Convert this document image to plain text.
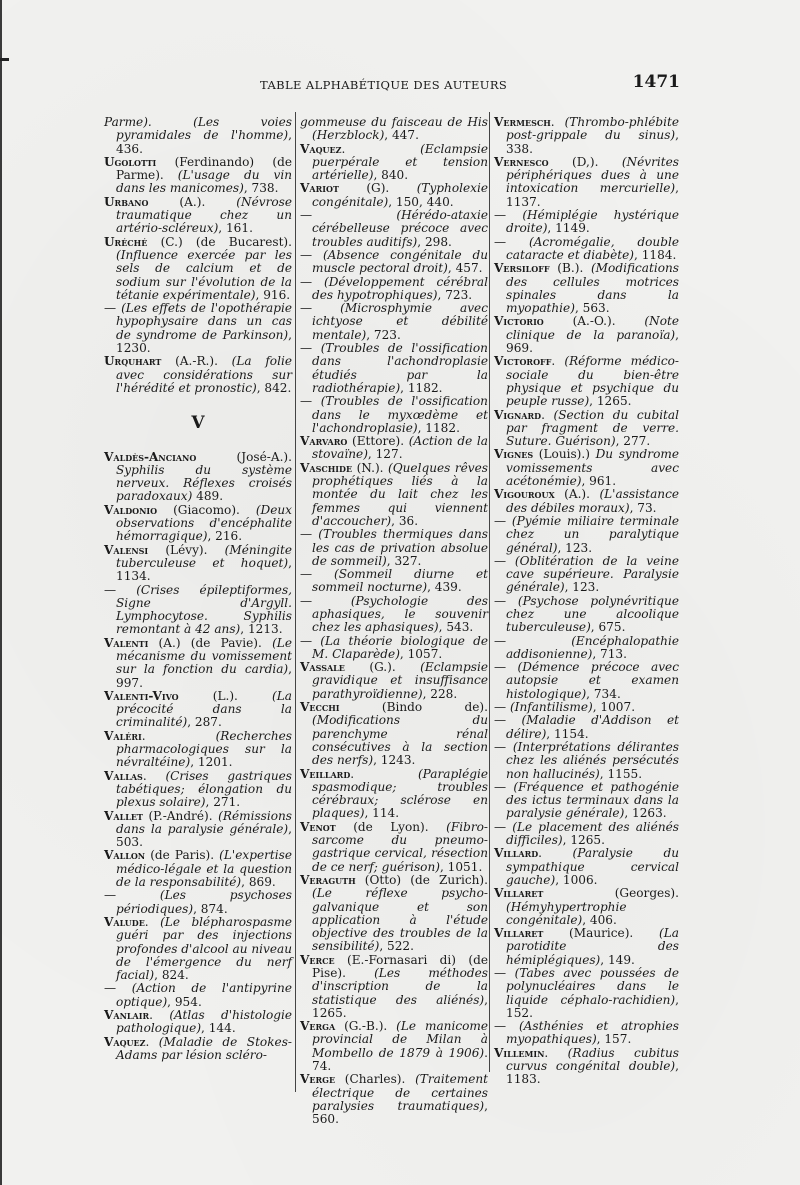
TABLE ALPHABÉTIQUE DES AUTEURS	1471

Parme). (Les voies pyramidales de l'homme), 436.

Ugolotti (Ferdinando) (de Parme). (L'usage du vin dans les manicomes), 738.

Urbano (A.). (Névrose traumatique chez un artério-scléreux), 161.

Uréché (C.) (de Bucarest). (Influence exercée par les sels de calcium et de sodium sur l'évolution de la tétanie expérimentale), 916.

— (Les effets de l'opothérapie hypophysaire dans un cas de syndrome de Parkinson), 1230.

Urquhart (A.-R.). (La folie avec considérations sur l'hérédité et pronostic), 842.

V

Valdès-Anciano (José-A.). Syphilis du système nerveux. Réflexes croisés paradoxaux) 489.

Valdonio (Giacomo). (Deux observations d'encéphalite hémorragique), 216.

Valensi (Lévy). (Méningite tuberculeuse et hoquet), 1134.

— (Crises épileptiformes, Signe d'Argyll. Lymphocytose. Syphilis remontant à 42 ans), 1213.

Valenti (A.) (de Pavie). (Le mécanisme du vomissement sur la fonction du cardia), 997.

Valenti-Vivo (L.). (La précocité dans la criminalité), 287.

Valéri. (Recherches pharmacologiques sur la névraltéine), 1201.

Vallas. (Crises gastriques tabétiques; élongation du plexus solaire), 271.

Vallet (P.-André). (Rémissions dans la paralysie générale), 503.

Vallon (de Paris). (L'expertise médico-légale et la question de la responsabilité), 869.

— (Les psychoses périodiques), 874.

Valude. (Le blépharospasme guéri par des injections profondes d'alcool au niveau de l'émergence du nerf facial), 824.

— (Action de l'antipyrine optique), 954.

Vanlair. (Atlas d'histologie pathologique), 144.

Vaquez. (Maladie de Stokes-Adams par lésion scléro-

gommeuse du faisceau de His (Herzblock), 447.

Vaquez. (Eclampsie puerpérale et tension artérielle), 840.

Variot (G). (Typholexie congénitale), 150, 440.

— (Hérédo-ataxie cérébelleuse précoce avec troubles auditifs), 298.

— (Absence congénitale du muscle pectoral droit), 457.

— (Développement cérébral des hypotrophiques), 723.

— (Microsphymie avec ichtyose et débilité mentale), 723.

— (Troubles de l'ossification dans l'achondroplasie étudiés par la radiothérapie), 1182.

— (Troubles de l'ossification dans le myxœdème et l'achondroplasie), 1182.

Varvaro (Ettore). (Action de la stovaïne), 127.

Vaschide (N.). (Quelques rêves prophétiques liés à la montée du lait chez les femmes qui viennent d'accoucher), 36.

— (Troubles thermiques dans les cas de privation absolue de sommeil), 327.

— (Sommeil diurne et sommeil nocturne), 439.

— (Psychologie des aphasiques, le souvenir chez les aphasiques), 543.

— (La théorie biologique de M. Claparède), 1057.

Vassale (G.). (Eclampsie gravidique et insuffisance parathyroïdienne), 228.

Vecchi (Bindo de). (Modifications du parenchyme rénal consécutives à la section des nerfs), 1243.

Veillard. (Paraplégie spasmodique; troubles cérébraux; sclérose en plaques), 114.

Venot (de Lyon). (Fibro-sarcome du pneumo-gastrique cervical, résection de ce nerf; guérison), 1051.

Veraguth (Otto) (de Zurich). (Le réflexe psycho-galvanique et son application à l'étude objective des troubles de la sensibilité), 522.

Verce (E.-Fornasari di) (de Pise). (Les méthodes d'inscription de la statistique des aliénés), 1265.

Verga (G.-B.). (Le manicome provincial de Milan à Mombello de 1879 à 1906). 74.

Verge (Charles). (Traitement électrique de certaines paralysies traumatiques), 560.

Vermesch. (Thrombo-phlébite post-grippale du sinus), 338.

Vernesco (D,). (Névrites périphériques dues à une intoxication mercurielle), 1137.

— (Hémiplégie hystérique droite), 1149.

— (Acromégalie, double cataracte et diabète), 1184.

Versiloff (B.). (Modifications des cellules motrices spinales dans la myopathie), 563.

Victorio (A.-O.). (Note clinique de la paranoïa), 969.

Victoroff. (Réforme médico-sociale du bien-être physique et psychique du peuple russe), 1265.

Vignard. (Section du cubital par fragment de verre. Suture. Guérison), 277.

Vignes (Louis).) Du syndrome vomissements avec acétonémie), 961.

Vigouroux (A.). (L'assistance des débiles moraux), 73.

— (Pyémie miliaire terminale chez un paralytique général), 123.

— (Oblitération de la veine cave supérieure. Paralysie générale), 123.

— (Psychose polynévritique chez une alcoolique tuberculeuse), 675.

— (Encéphalopathie addisonienne), 713.

— (Démence précoce avec autopsie et examen histologique), 734.

— (Infantilisme), 1007.

— (Maladie d'Addison et délire), 1154.

— (Interprétations délirantes chez les aliénés persécutés non hallucinés), 1155.

— (Fréquence et pathogénie des ictus terminaux dans la paralysie générale), 1263.

— (Le placement des aliénés difficiles), 1265.

Villard. (Paralysie du sympathique cervical gauche), 1006.

Villaret (Georges). (Hémyhypertrophie congénitale), 406.

Villaret (Maurice). (La parotidite des hémiplégiques), 149.

— (Tabes avec poussées de polynucléaires dans le liquide céphalo-rachidien), 152.

— (Asthénies et atrophies myopathiques), 157.

Villemin. (Radius cubitus curvus congénital double), 1183.
